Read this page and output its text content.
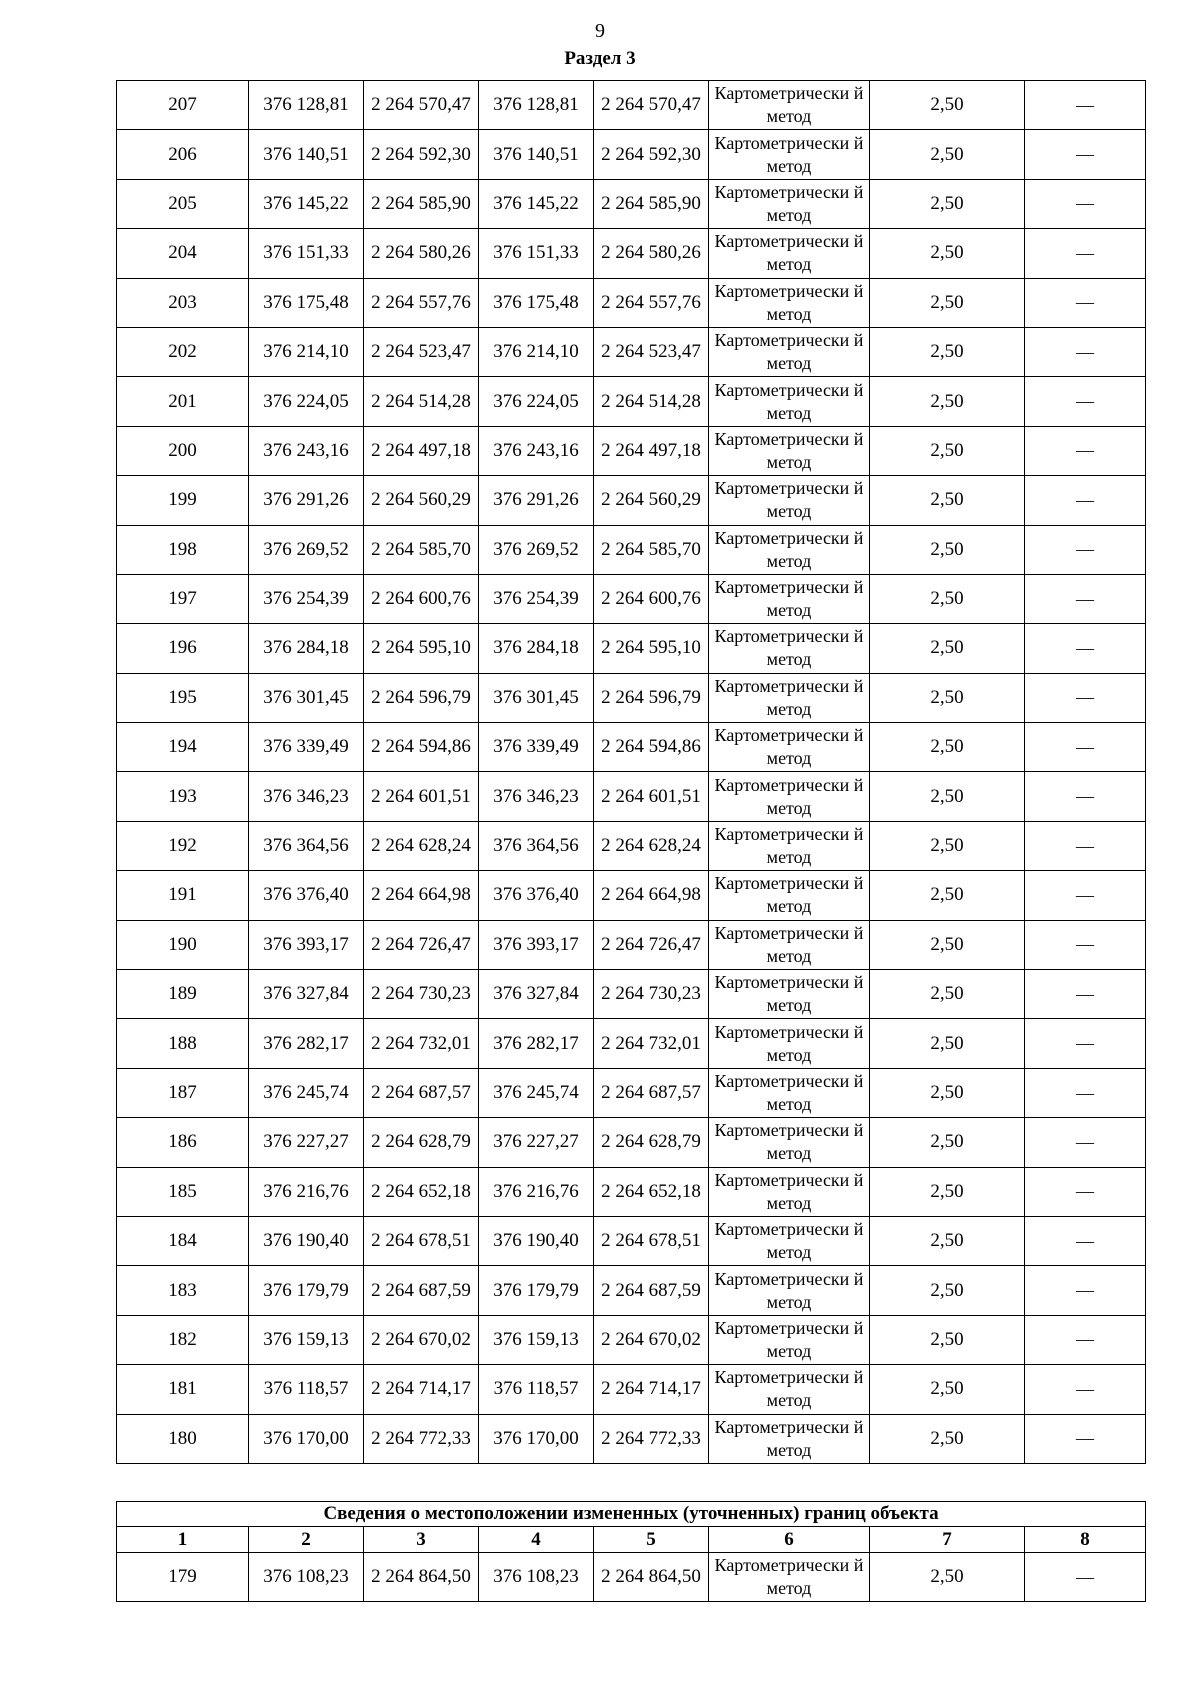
9
Раздел 3
207	376 128,81	2 264 570,47	376 128,81	2 264 570,47	Картометрически й метод	2,50	—
206	376 140,51	2 264 592,30	376 140,51	2 264 592,30	Картометрически й метод	2,50	—
205	376 145,22	2 264 585,90	376 145,22	2 264 585,90	Картометрически й метод	2,50	—
204	376 151,33	2 264 580,26	376 151,33	2 264 580,26	Картометрически й метод	2,50	—
203	376 175,48	2 264 557,76	376 175,48	2 264 557,76	Картометрически й метод	2,50	—
202	376 214,10	2 264 523,47	376 214,10	2 264 523,47	Картометрически й метод	2,50	—
201	376 224,05	2 264 514,28	376 224,05	2 264 514,28	Картометрически й метод	2,50	—
200	376 243,16	2 264 497,18	376 243,16	2 264 497,18	Картометрически й метод	2,50	—
199	376 291,26	2 264 560,29	376 291,26	2 264 560,29	Картометрически й метод	2,50	—
198	376 269,52	2 264 585,70	376 269,52	2 264 585,70	Картометрически й метод	2,50	—
197	376 254,39	2 264 600,76	376 254,39	2 264 600,76	Картометрически й метод	2,50	—
196	376 284,18	2 264 595,10	376 284,18	2 264 595,10	Картометрически й метод	2,50	—
195	376 301,45	2 264 596,79	376 301,45	2 264 596,79	Картометрически й метод	2,50	—
194	376 339,49	2 264 594,86	376 339,49	2 264 594,86	Картометрически й метод	2,50	—
193	376 346,23	2 264 601,51	376 346,23	2 264 601,51	Картометрически й метод	2,50	—
192	376 364,56	2 264 628,24	376 364,56	2 264 628,24	Картометрически й метод	2,50	—
191	376 376,40	2 264 664,98	376 376,40	2 264 664,98	Картометрически й метод	2,50	—
190	376 393,17	2 264 726,47	376 393,17	2 264 726,47	Картометрически й метод	2,50	—
189	376 327,84	2 264 730,23	376 327,84	2 264 730,23	Картометрически й метод	2,50	—
188	376 282,17	2 264 732,01	376 282,17	2 264 732,01	Картометрически й метод	2,50	—
187	376 245,74	2 264 687,57	376 245,74	2 264 687,57	Картометрически й метод	2,50	—
186	376 227,27	2 264 628,79	376 227,27	2 264 628,79	Картометрически й метод	2,50	—
185	376 216,76	2 264 652,18	376 216,76	2 264 652,18	Картометрически й метод	2,50	—
184	376 190,40	2 264 678,51	376 190,40	2 264 678,51	Картометрически й метод	2,50	—
183	376 179,79	2 264 687,59	376 179,79	2 264 687,59	Картометрически й метод	2,50	—
182	376 159,13	2 264 670,02	376 159,13	2 264 670,02	Картометрически й метод	2,50	—
181	376 118,57	2 264 714,17	376 118,57	2 264 714,17	Картометрически й метод	2,50	—
180	376 170,00	2 264 772,33	376 170,00	2 264 772,33	Картометрически й метод	2,50	—
Сведения о местоположении измененных (уточненных) границ объекта							
1	2	3	4	5	6	7	8
179	376 108,23	2 264 864,50	376 108,23	2 264 864,50	Картометрически й метод	2,50	—
